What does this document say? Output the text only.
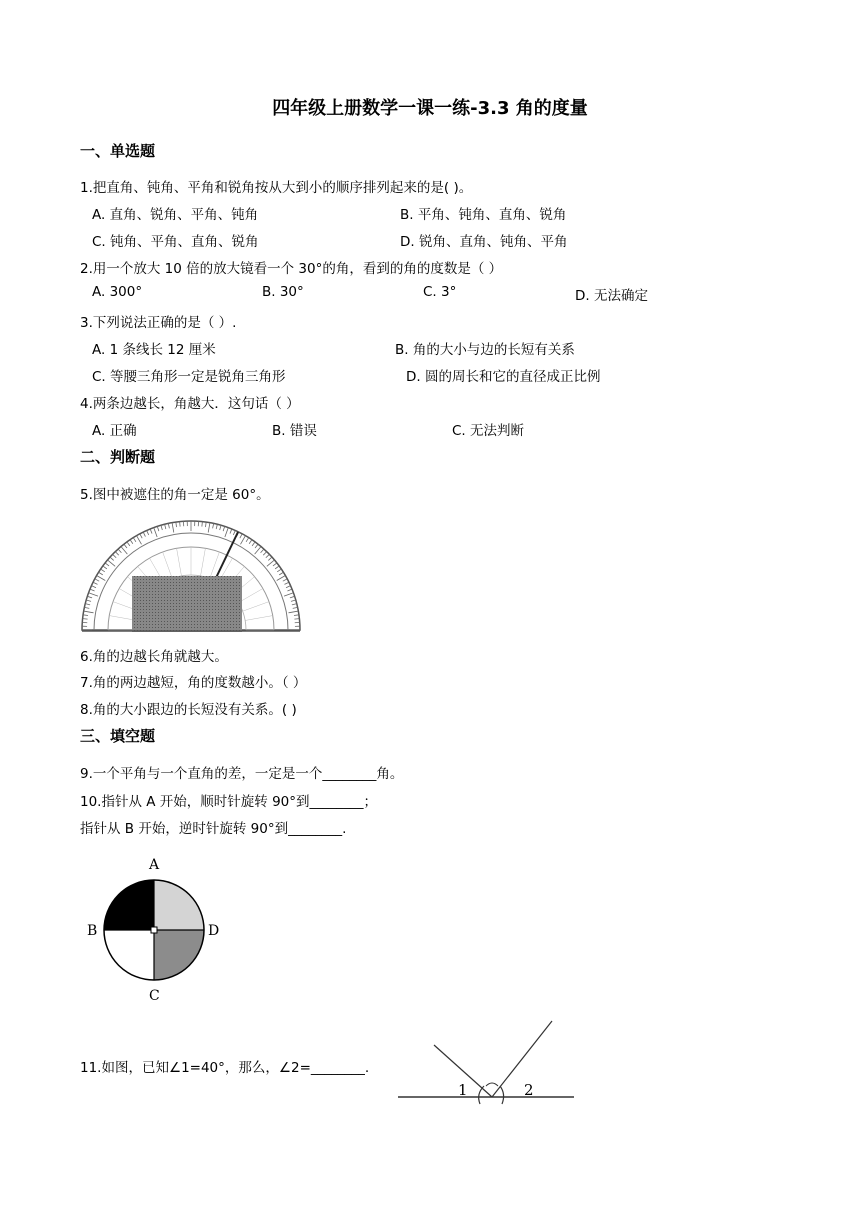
四年级上册数学一课一练-3.3 角的度量
一、单选题
1.把直角、钝角、平角和锐角按从大到小的顺序排列起来的是( )。
A. 直角、锐角、平角、钝角	B. 平角、钝角、直角、锐角
C. 钝角、平角、直角、锐角	D. 锐角、直角、钝角、平角
2.用一个放大 10 倍的放大镜看一个 30°的角，看到的角的度数是（ ）
A. 300°	B. 30°	C. 3°	D. 无法确定
3.下列说法正确的是（ ）.
A. 1 条线长 12 厘米	B. 角的大小与边的长短有关系
C. 等腰三角形一定是锐角三角形	D. 圆的周长和它的直径成正比例
4.两条边越长，角越大．这句话（ ）
A. 正确	B. 错误	C. 无法判断
二、判断题
5.图中被遮住的角一定是 60°。
6.角的边越长角就越大。
7.角的两边越短，角的度数越小。（ ）
8.角的大小跟边的长短没有关系。( )
三、填空题
9.一个平角与一个直角的差，一定是一个________角。
10.指针从 A 开始，顺时针旋转 90°到________；
指针从 B 开始，逆时针旋转 90°到________.
A
B	D
C
11.如图，已知∠1=40°，那么，∠2=________.
1	2
